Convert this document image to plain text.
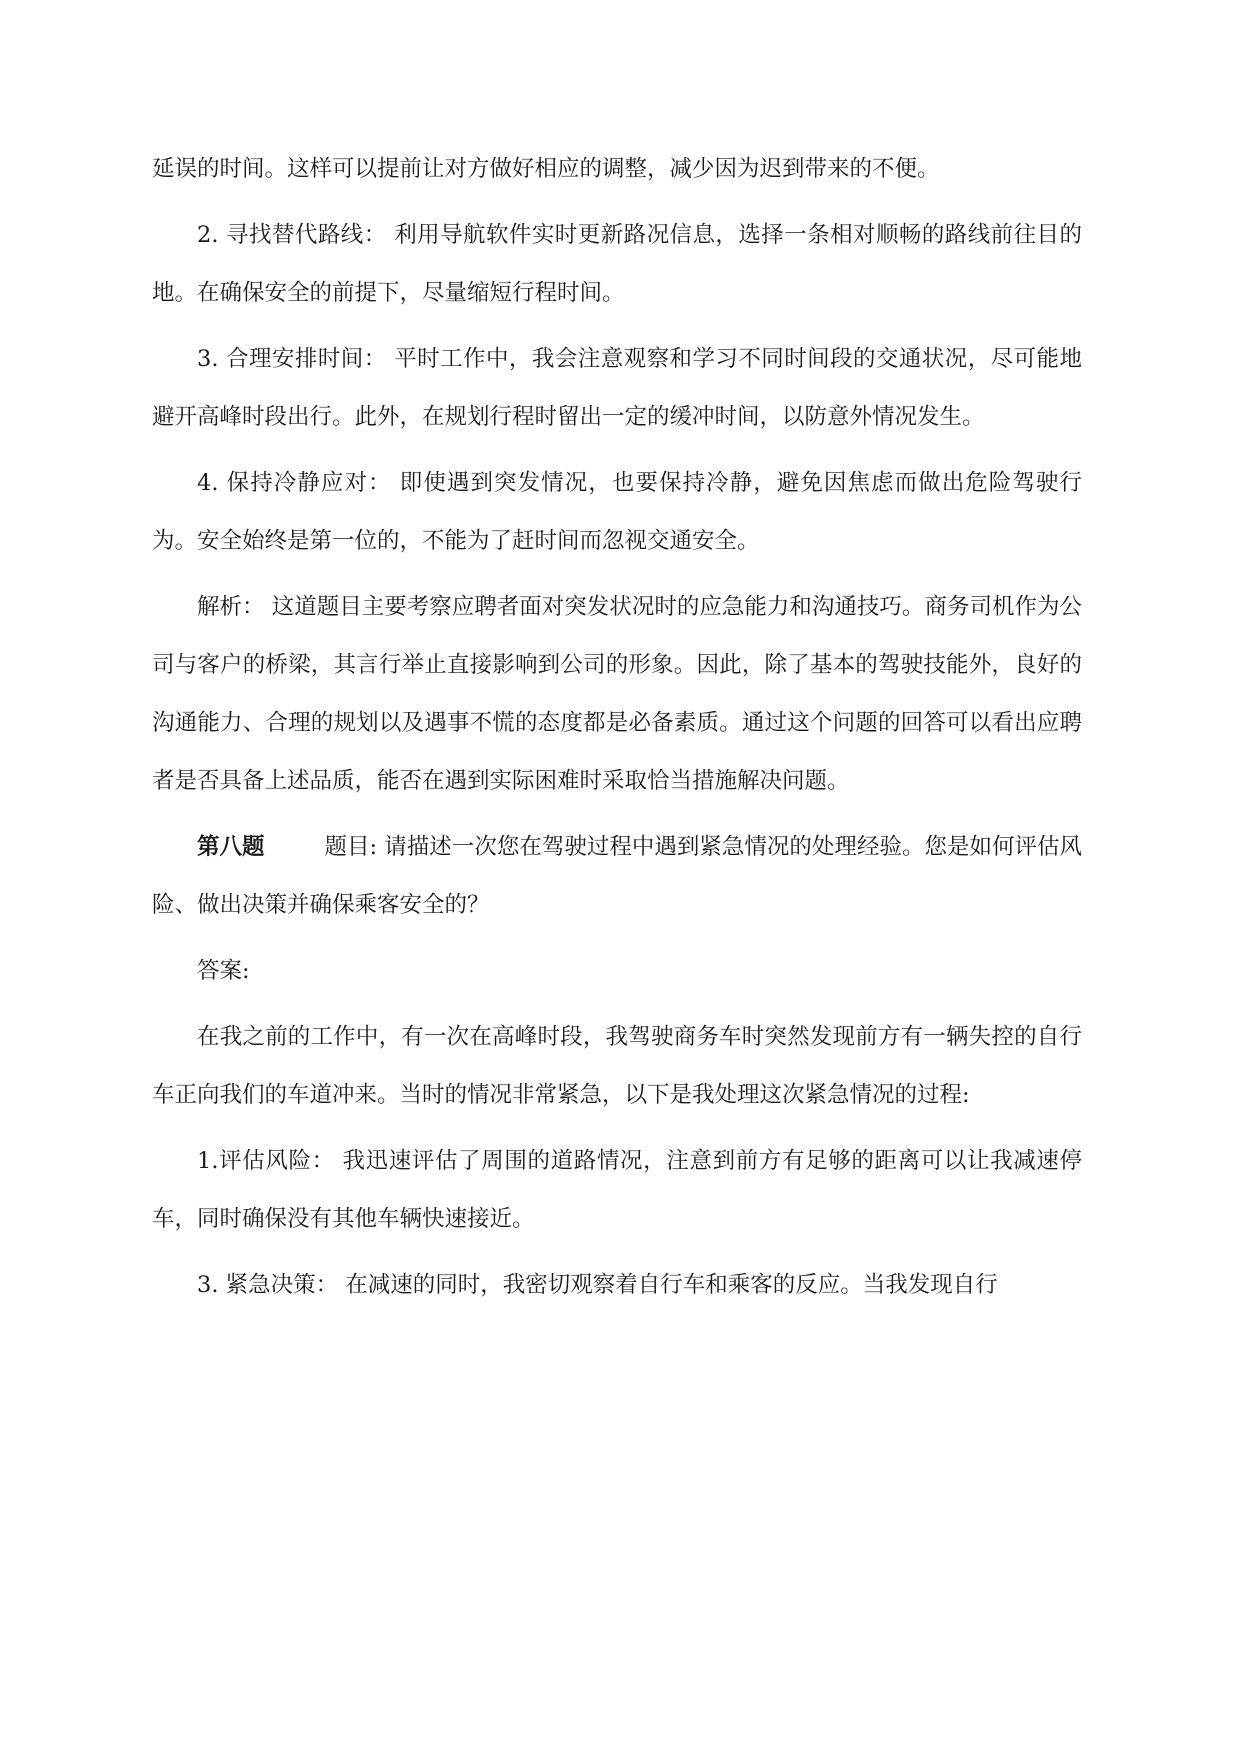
延误的时间。这样可以提前让对方做好相应的调整，减少因为迟到带来的不便。

2. 寻找替代路线： 利用导航软件实时更新路况信息，选择一条相对顺畅的路线前往目的地。在确保安全的前提下，尽量缩短行程时间。

3. 合理安排时间： 平时工作中，我会注意观察和学习不同时间段的交通状况，尽可能地避开高峰时段出行。此外，在规划行程时留出一定的缓冲时间，以防意外情况发生。

4. 保持冷静应对： 即使遇到突发情况，也要保持冷静，避免因焦虑而做出危险驾驶行为。安全始终是第一位的，不能为了赶时间而忽视交通安全。

解析： 这道题目主要考察应聘者面对突发状况时的应急能力和沟通技巧。商务司机作为公司与客户的桥梁，其言行举止直接影响到公司的形象。因此，除了基本的驾驶技能外，良好的沟通能力、合理的规划以及遇事不慌的态度都是必备素质。通过这个问题的回答可以看出应聘者是否具备上述品质，能否在遇到实际困难时采取恰当措施解决问题。

第八题	题目: 请描述一次您在驾驶过程中遇到紧急情况的处理经验。您是如何评估风险、做出决策并确保乘客安全的？

答案:

在我之前的工作中，有一次在高峰时段，我驾驶商务车时突然发现前方有一辆失控的自行车正向我们的车道冲来。当时的情况非常紧急，以下是我处理这次紧急情况的过程:

1.评估风险： 我迅速评估了周围的道路情况，注意到前方有足够的距离可以让我减速停车，同时确保没有其他车辆快速接近。

3. 紧急决策： 在减速的同时，我密切观察着自行车和乘客的反应。当我发现自行
